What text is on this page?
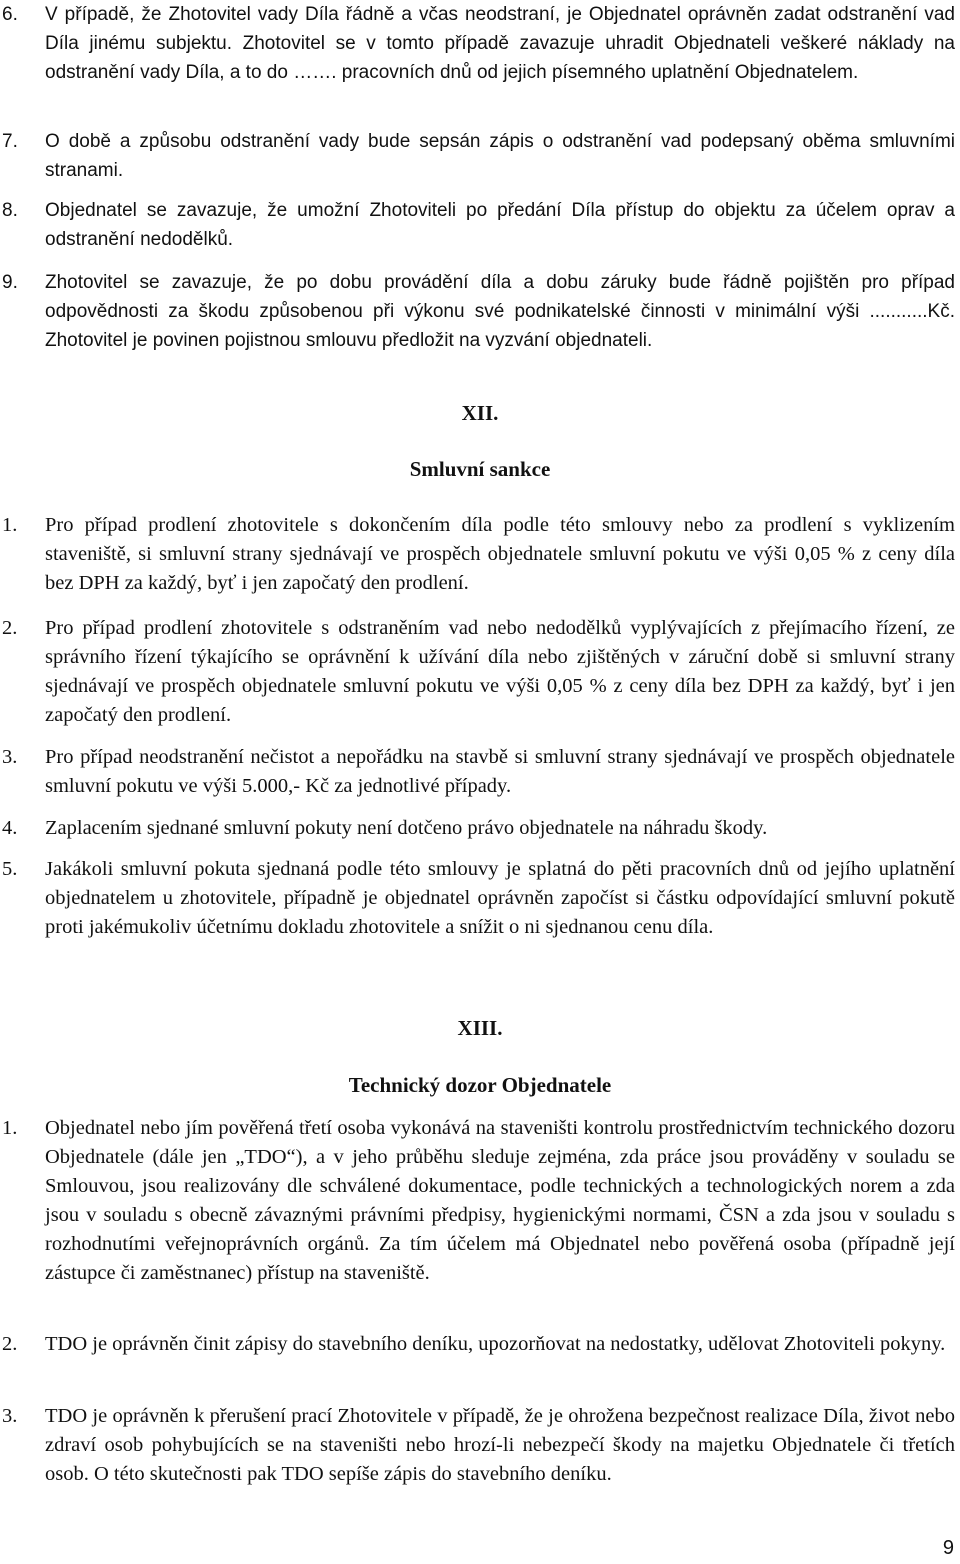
6. V případě, že Zhotovitel vady Díla řádně a včas neodstraní, je Objednatel oprávněn zadat odstranění vad Díla jinému subjektu. Zhotovitel se v tomto případě zavazuje uhradit Objednateli veškeré náklady na odstranění vady Díla, a to do ……. pracovních dnů od jejich písemného uplatnění Objednatelem.

7. O době a způsobu odstranění vady bude sepsán zápis o odstranění vad podepsaný oběma smluvními stranami.

8. Objednatel se zavazuje, že umožní Zhotoviteli po předání Díla přístup do objektu za účelem oprav a odstranění nedodělků.

9. Zhotovitel se zavazuje, že po dobu provádění díla a dobu záruky bude řádně pojištěn pro případ odpovědnosti za škodu způsobenou při výkonu své podnikatelské činnosti v minimální výši ...........Kč. Zhotovitel je povinen pojistnou smlouvu předložit na vyzvání objednateli.

XII.
Smluvní sankce
1. Pro případ prodlení zhotovitele s dokončením díla podle této smlouvy nebo za prodlení s vyklizením staveniště, si smluvní strany sjednávají ve prospěch objednatele smluvní pokutu ve výši 0,05 % z ceny díla bez DPH za každý, byť i jen započatý den prodlení.

2. Pro případ prodlení zhotovitele s odstraněním vad nebo nedodělků vyplývajících z přejímacího řízení, ze správního řízení týkajícího se oprávnění k užívání díla nebo zjištěných v záruční době si smluvní strany sjednávají ve prospěch objednatele smluvní pokutu ve výši 0,05 % z ceny díla bez DPH za každý, byť i jen započatý den prodlení.

3. Pro případ neodstranění nečistot a nepořádku na stavbě si smluvní strany sjednávají ve prospěch objednatele smluvní pokutu ve výši 5.000,- Kč za jednotlivé případy.

4. Zaplacením sjednané smluvní pokuty není dotčeno právo objednatele na náhradu škody.

5. Jakákoli smluvní pokuta sjednaná podle této smlouvy je splatná do pěti pracovních dnů od jejího uplatnění objednatelem u zhotovitele, případně je objednatel oprávněn započíst si částku odpovídající smluvní pokutě proti jakémukoliv účetnímu dokladu zhotovitele a snížit o ni sjednanou cenu díla.

XIII.
Technický dozor Objednatele
1. Objednatel nebo jím pověřená třetí osoba vykonává na staveništi kontrolu prostřednictvím technického dozoru Objednatele (dále jen „TDO“), a v jeho průběhu sleduje zejména, zda práce jsou prováděny v souladu se Smlouvou, jsou realizovány dle schválené dokumentace, podle technických a technologických norem a zda jsou v souladu s obecně závaznými právními předpisy, hygienickými normami, ČSN a zda jsou v souladu s rozhodnutími veřejnoprávních orgánů. Za tím účelem má Objednatel nebo pověřená osoba (případně její zástupce či zaměstnanec) přístup na staveniště.

2. TDO je oprávněn činit zápisy do stavebního deníku, upozorňovat na nedostatky, udělovat Zhotoviteli pokyny.

3. TDO je oprávněn k přerušení prací Zhotovitele v případě, že je ohrožena bezpečnost realizace Díla, život nebo zdraví osob pohybujících se na staveništi nebo hrozí-li nebezpečí škody na majetku Objednatele či třetích osob. O této skutečnosti pak TDO sepíše zápis do stavebního deníku.

9
